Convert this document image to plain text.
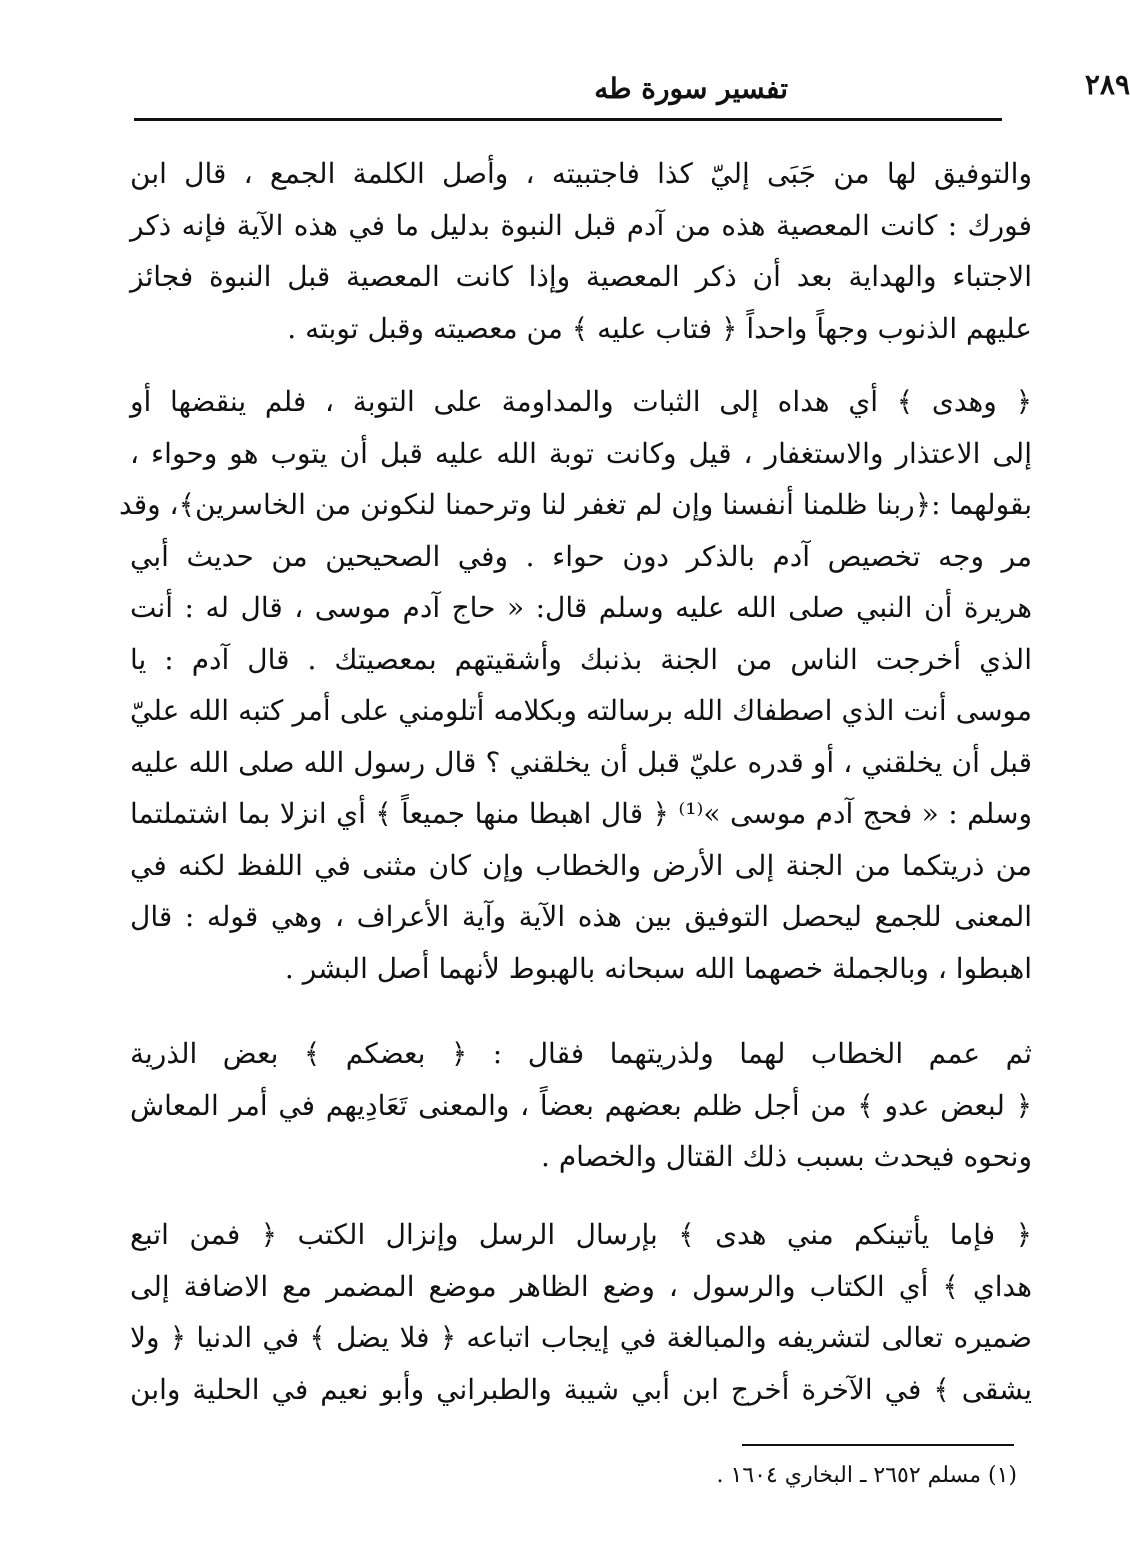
تفسير سورة طه	٢٨٩
والتوفيق لها من جَبَى إليّ كذا فاجتبيته ، وأصل الكلمة الجمع ، قال ابن
فورك : كانت المعصية هذه من آدم قبل النبوة بدليل ما في هذه الآية فإنه ذكر
الاجتباء والهداية بعد أن ذكر المعصية وإذا كانت المعصية قبل النبوة فجائز
عليهم الذنوب وجهاً واحداً ﴿ فتاب عليه ﴾ من معصيته وقبل توبته .
﴿ وهدى ﴾ أي هداه إلى الثبات والمداومة على التوبة ، فلم ينقضها أو
إلى الاعتذار والاستغفار ، قيل وكانت توبة الله عليه قبل أن يتوب هو وحواء ،
بقولهما :﴿ربنا ظلمنا أنفسنا وإن لم تغفر لنا وترحمنا لنكونن من الخاسرين﴾، وقد
مر وجه تخصيص آدم بالذكر دون حواء . وفي الصحيحين من حديث أبي
هريرة أن النبي صلى الله عليه وسلم قال: « حاج آدم موسى ، قال له : أنت
الذي أخرجت الناس من الجنة بذنبك وأشقيتهم بمعصيتك . قال آدم : يا
موسى أنت الذي اصطفاك الله برسالته وبكلامه أتلومني على أمر كتبه الله عليّ
قبل أن يخلقني ، أو قدره عليّ قبل أن يخلقني ؟ قال رسول الله صلى الله عليه
وسلم : « فحج آدم موسى »⁽¹⁾ ﴿ قال اهبطا منها جميعاً ﴾ أي انزلا بما اشتملتما
من ذريتكما من الجنة إلى الأرض والخطاب وإن كان مثنى في اللفظ لكنه في
المعنى للجمع ليحصل التوفيق بين هذه الآية وآية الأعراف ، وهي قوله : قال
اهبطوا ، وبالجملة خصهما الله سبحانه بالهبوط لأنهما أصل البشر .
ثم عمم الخطاب لهما ولذريتهما فقال : ﴿ بعضكم ﴾ بعض الذرية
﴿ لبعض عدو ﴾ من أجل ظلم بعضهم بعضاً ، والمعنى تَعَادِيهم في أمر المعاش
ونحوه فيحدث بسبب ذلك القتال والخصام .
﴿ فإما يأتينكم مني هدى ﴾ بإرسال الرسل وإنزال الكتب ﴿ فمن اتبع
هداي ﴾ أي الكتاب والرسول ، وضع الظاهر موضع المضمر مع الاضافة إلى
ضميره تعالى لتشريفه والمبالغة في إيجاب اتباعه ﴿ فلا يضل ﴾ في الدنيا ﴿ ولا
يشقى ﴾ في الآخرة أخرج ابن أبي شيبة والطبراني وأبو نعيم في الحلية وابن
(١) مسلم ٢٦٥٢ ـ البخاري ١٦٠٤ .
